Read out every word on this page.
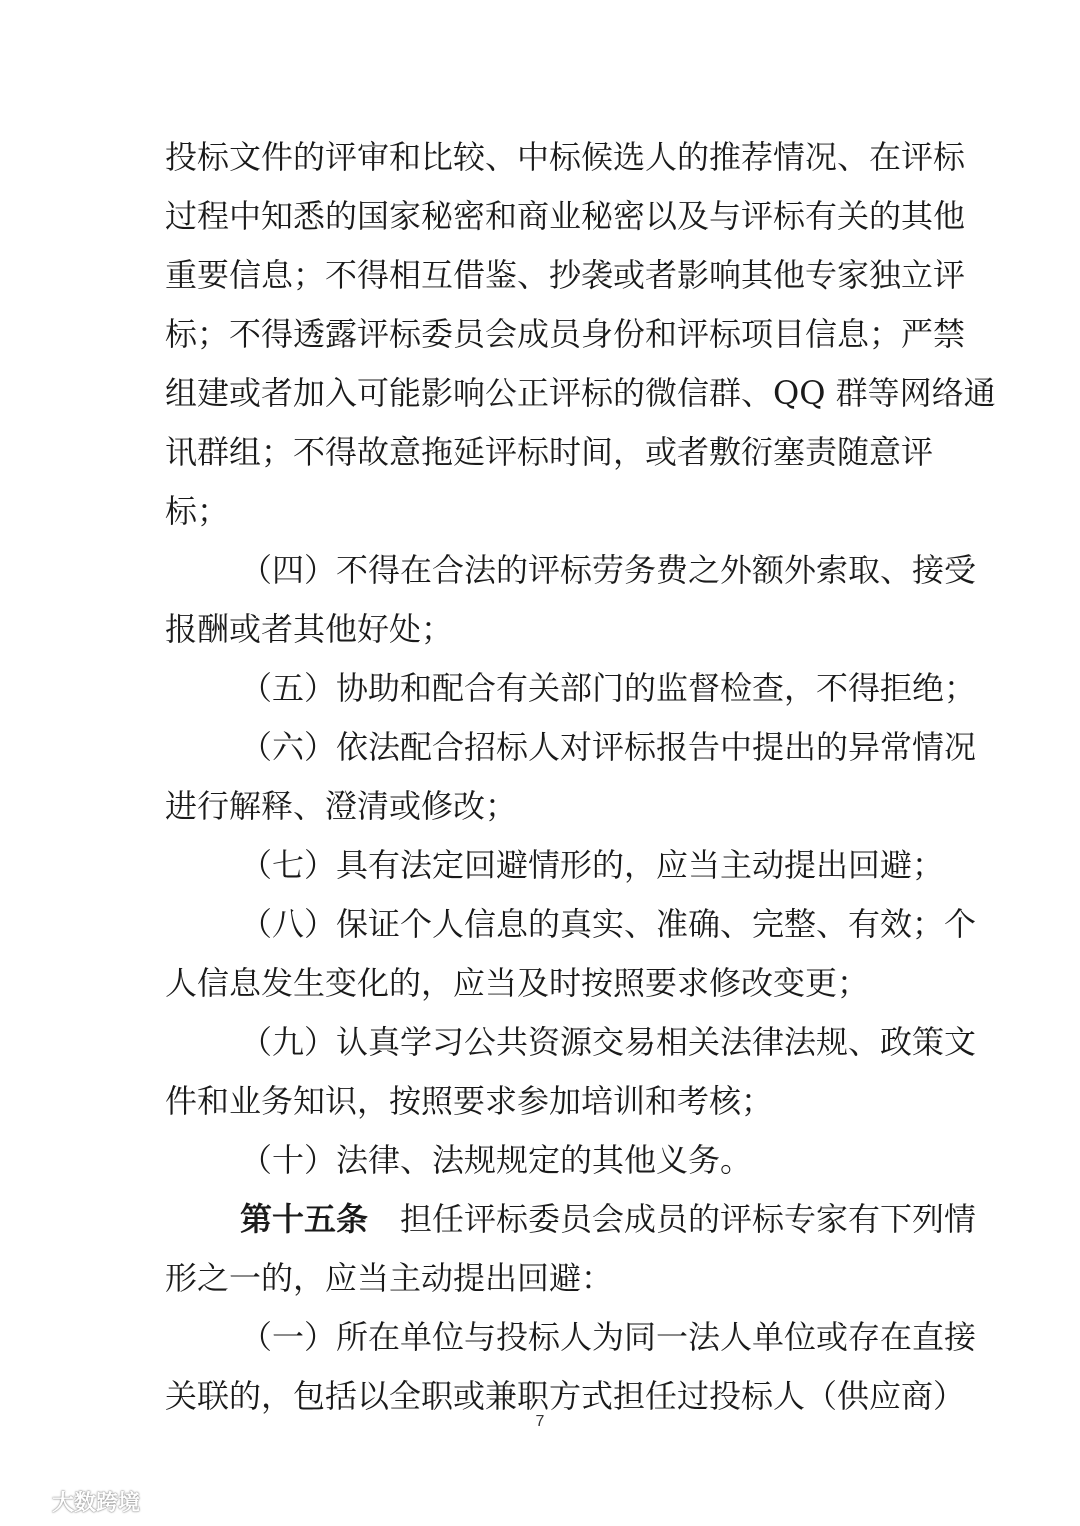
投标文件的评审和比较、中标候选人的推荐情况、在评标
过程中知悉的国家秘密和商业秘密以及与评标有关的其他
重要信息；不得相互借鉴、抄袭或者影响其他专家独立评
标；不得透露评标委员会成员身份和评标项目信息；严禁
组建或者加入可能影响公正评标的微信群、QQ 群等网络通
讯群组；不得故意拖延评标时间，或者敷衍塞责随意评
标；
（四）不得在合法的评标劳务费之外额外索取、接受
报酬或者其他好处；
（五）协助和配合有关部门的监督检查，不得拒绝；
（六）依法配合招标人对评标报告中提出的异常情况
进行解释、澄清或修改；
（七）具有法定回避情形的，应当主动提出回避；
（八）保证个人信息的真实、准确、完整、有效；个
人信息发生变化的，应当及时按照要求修改变更；
（九）认真学习公共资源交易相关法律法规、政策文
件和业务知识，按照要求参加培训和考核；
（十）法律、法规规定的其他义务。
第十五条 担任评标委员会成员的评标专家有下列情
形之一的，应当主动提出回避：
（一）所在单位与投标人为同一法人单位或存在直接
关联的，包括以全职或兼职方式担任过投标人（供应商）
7
大数跨境
